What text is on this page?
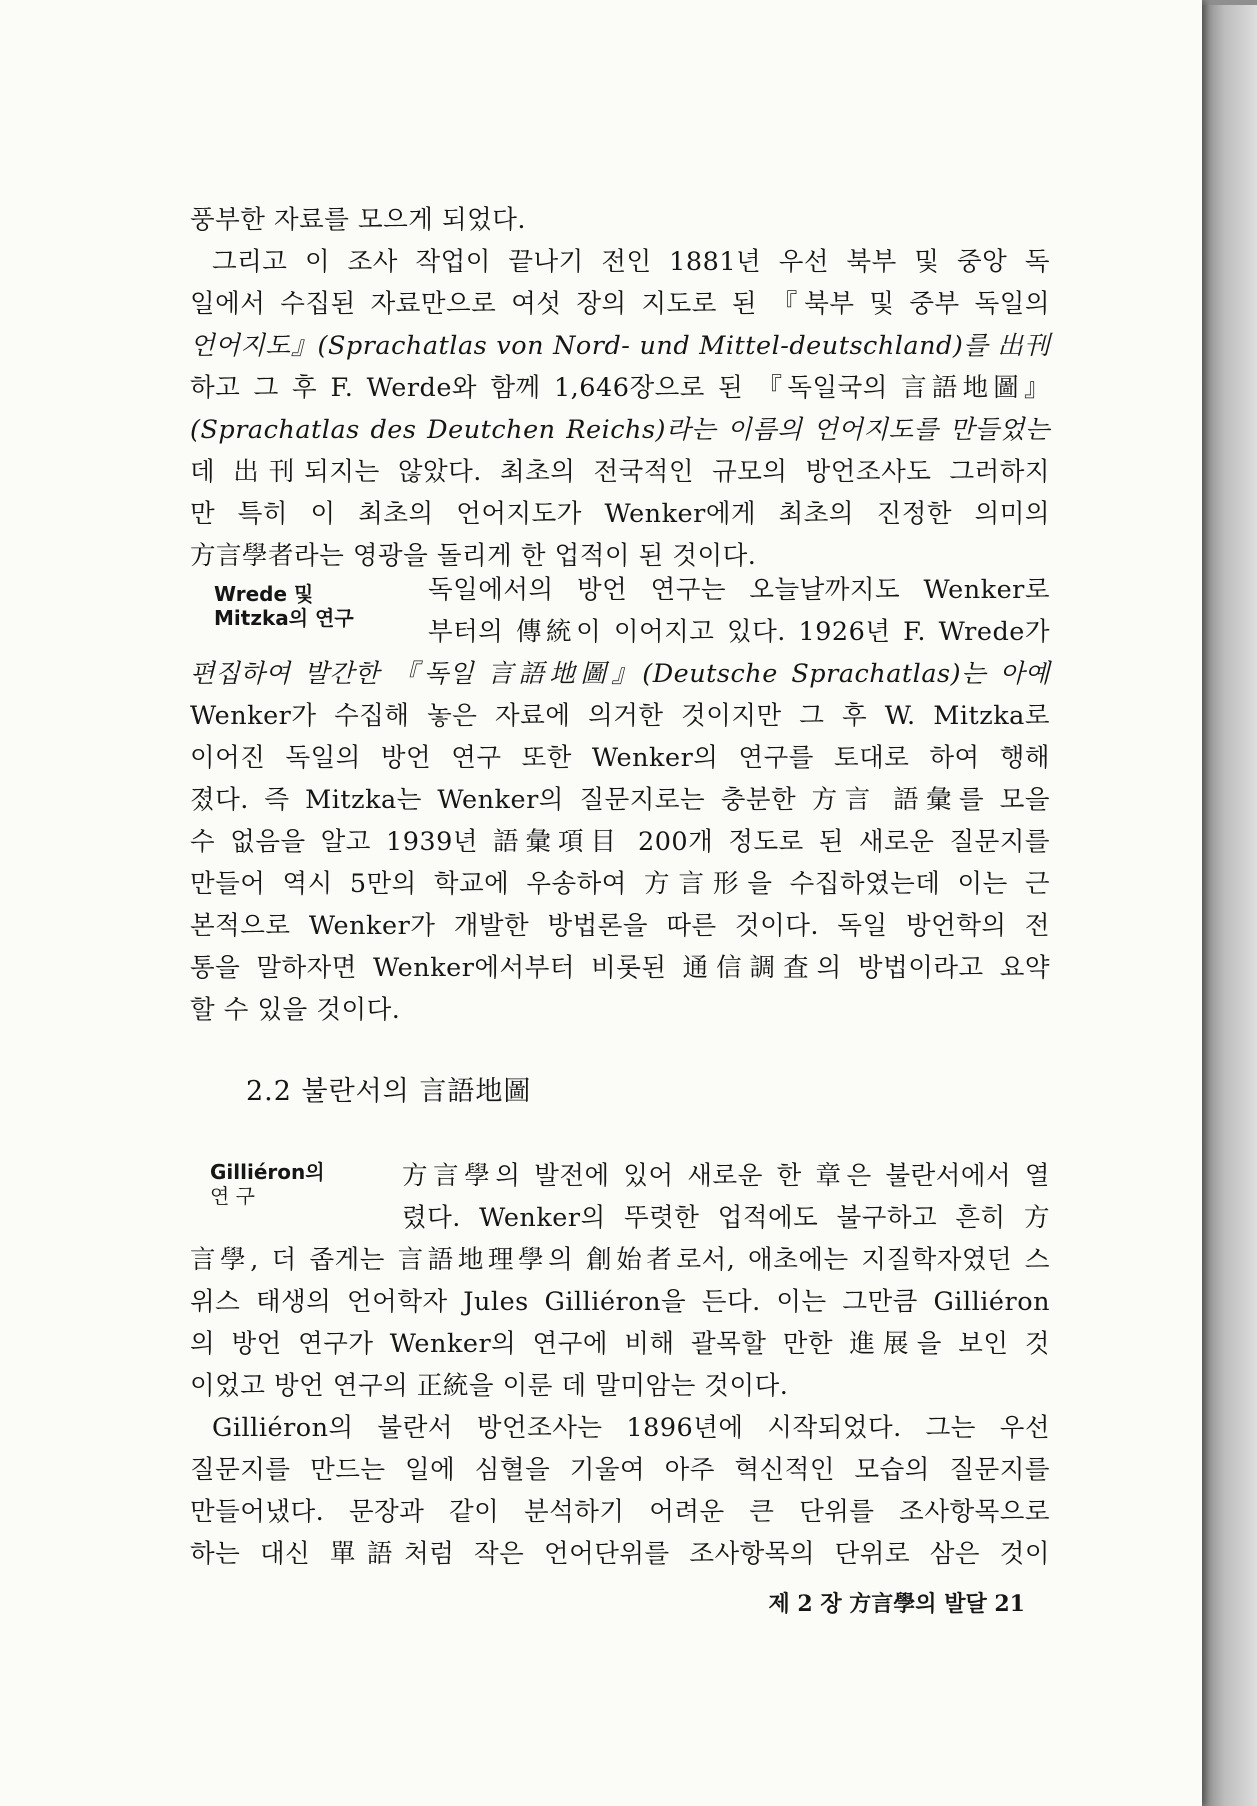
풍부한 자료를 모으게 되었다.
그리고 이 조사 작업이 끝나기 전인 1881년 우선 북부 및 중앙 독
일에서 수집된 자료만으로 여섯 장의 지도로 된 『북부 및 중부 독일의
언어지도』(Sprachatlas von Nord- und Mittel-deutschland)를 出刊
하고 그 후 F. Werde와 함께 1,646장으로 된 『독일국의 言語地圖』
(Sprachatlas des Deutchen Reichs)라는 이름의 언어지도를 만들었는
데 出刊되지는 않았다. 최초의 전국적인 규모의 방언조사도 그러하지
만 특히 이 최초의 언어지도가 Wenker에게 최초의 진정한 의미의
方言學者라는 영광을 돌리게 한 업적이 된 것이다.
Wrede 및
Mitzka의 연구
독일에서의 방언 연구는 오늘날까지도 Wenker로
부터의 傳統이 이어지고 있다. 1926년 F. Wrede가
편집하여 발간한 『독일 言語地圖』(Deutsche Sprachatlas)는 아예
Wenker가 수집해 놓은 자료에 의거한 것이지만 그 후 W. Mitzka로
이어진 독일의 방언 연구 또한 Wenker의 연구를 토대로 하여 행해
졌다. 즉 Mitzka는 Wenker의 질문지로는 충분한 方言 語彙를 모을
수 없음을 알고 1939년 語彙項目 200개 정도로 된 새로운 질문지를
만들어 역시 5만의 학교에 우송하여 方言形을 수집하였는데 이는 근
본적으로 Wenker가 개발한 방법론을 따른 것이다. 독일 방언학의 전
통을 말하자면 Wenker에서부터 비롯된 通信調査의 방법이라고 요약
할 수 있을 것이다.
2.2 불란서의 言語地圖
Gilliéron의
연 구
方言學의 발전에 있어 새로운 한 章은 불란서에서 열
렸다. Wenker의 뚜렷한 업적에도 불구하고 흔히 方
言學, 더 좁게는 言語地理學의 創始者로서, 애초에는 지질학자였던 스
위스 태생의 언어학자 Jules Gilliéron을 든다. 이는 그만큼 Gilliéron
의 방언 연구가 Wenker의 연구에 비해 괄목할 만한 進展을 보인 것
이었고 방언 연구의 正統을 이룬 데 말미암는 것이다.
Gilliéron의 불란서 방언조사는 1896년에 시작되었다. 그는 우선
질문지를 만드는 일에 심혈을 기울여 아주 혁신적인 모습의 질문지를
만들어냈다. 문장과 같이 분석하기 어려운 큰 단위를 조사항목으로
하는 대신 單語처럼 작은 언어단위를 조사항목의 단위로 삼은 것이
제 2 장 方言學의 발달 21
